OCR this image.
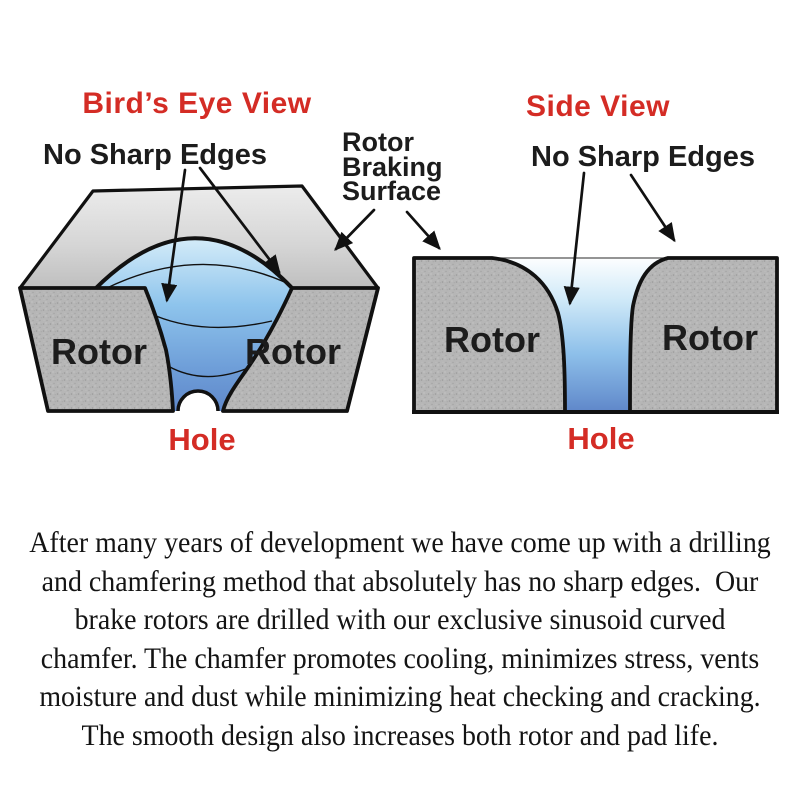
Bird’s Eye View	Side View
No Sharp Edges	No Sharp Edges
Rotor
Braking
Surface
Rotor	Rotor
Hole
Rotor	Rotor
Hole
After many years of development we have come up with a drilling
and chamfering method that absolutely has no sharp edges.  Our
brake rotors are drilled with our exclusive sinusoid curved
chamfer. The chamfer promotes cooling, minimizes stress, vents
moisture and dust while minimizing heat checking and cracking.
The smooth design also increases both rotor and pad life.
